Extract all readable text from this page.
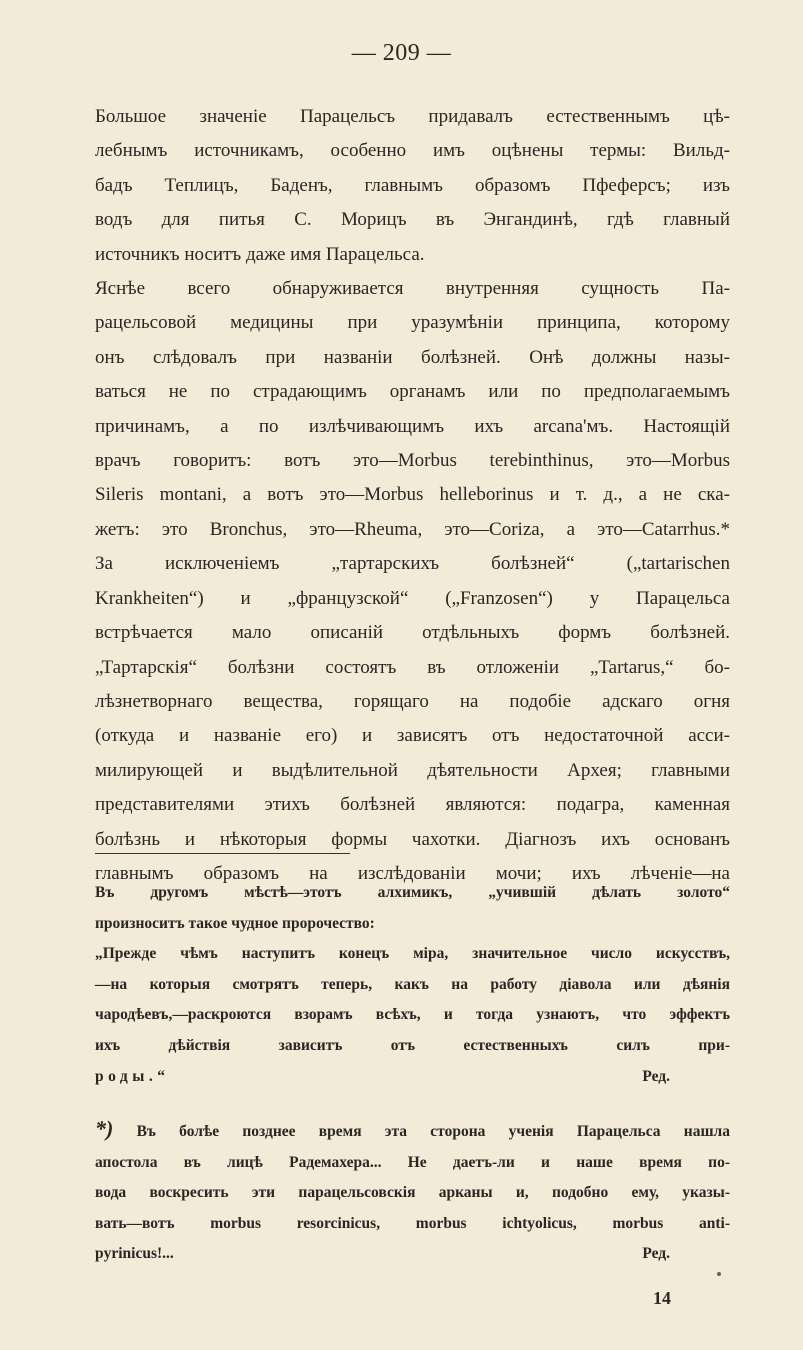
— 209 —
Большое значенiе Парацельсъ придавалъ естественнымъ цѣ-
лебнымъ источникамъ, особенно имъ оцѣнены термы: Вильд-
бадъ Теплицъ, Баденъ, главнымъ образомъ Пфеферсъ; изъ
водъ для питья С. Морицъ въ Энгандинѣ, гдѣ главный
источникъ носитъ даже имя Парацельса.
Яснѣе всего обнаруживается внутренняя сущность Па-
рацельсовой медицины при уразумѣнiи принципа, которому
онъ слѣдовалъ при названiи болѣзней. Онѣ должны назы-
ваться не по страдающимъ органамъ или по предполагаемымъ
причинамъ, а по излѣчивающимъ ихъ arcana'мъ. Настоящiй
врачъ говоритъ: вотъ это—Morbus terebinthinus, это—Morbus
Sileris montani, а вотъ это—Morbus helleborinus и т. д., а не ска-
жетъ: это Bronchus, это—Rheuma, это—Coriza, а это—Catarrhus.*
За исключенiемъ „тартарскихъ болѣзней“ („tartarischen
Krankheiten“) и „французской“ („Franzosen“) у Парацельса
встрѣчается мало описанiй отдѣльныхъ формъ болѣзней.
„Тартарскiя“ болѣзни состоятъ въ отложенiи „Tartarus,“ бо-
лѣзнетворнаго вещества, горящаго на подобiе адскаго огня
(откуда и названiе его) и зависятъ отъ недостаточной асси-
милирующей и выдѣлительной дѣятельности Архея; главными
представителями этихъ болѣзней являются: подагра, каменная
болѣзнь и нѣкоторыя формы чахотки. Дiагнозъ ихъ основанъ
главнымъ образомъ на изслѣдованiи мочи; ихъ лѣченiе—на
Въ другомъ мѣстѣ—этотъ алхимикъ, „учившiй дѣлать золото“
произноситъ такое чудное пророчество:
„Прежде чѣмъ наступитъ конецъ мiра, значительное число искусствъ,
—на которыя смотрятъ теперь, какъ на работу дiавола или дѣянiя
чародѣевъ,—раскроются взорамъ всѣхъ, и тогда узнаютъ, что эффектъ
ихъ дѣйствiя зависитъ отъ естественныхъ силъ при-
роды.“	Ред.
*) Въ болѣе позднее время эта сторона ученiя Парацельса нашла
апостола въ лицѣ Радемахера... Не даетъ-ли и наше время по-
вода воскресить эти парацельсовскiя арканы и, подобно ему, указы-
вать—вотъ morbus resorcinicus, morbus ichtyolicus, morbus anti-
pyrinicus!...	Ред.
14
